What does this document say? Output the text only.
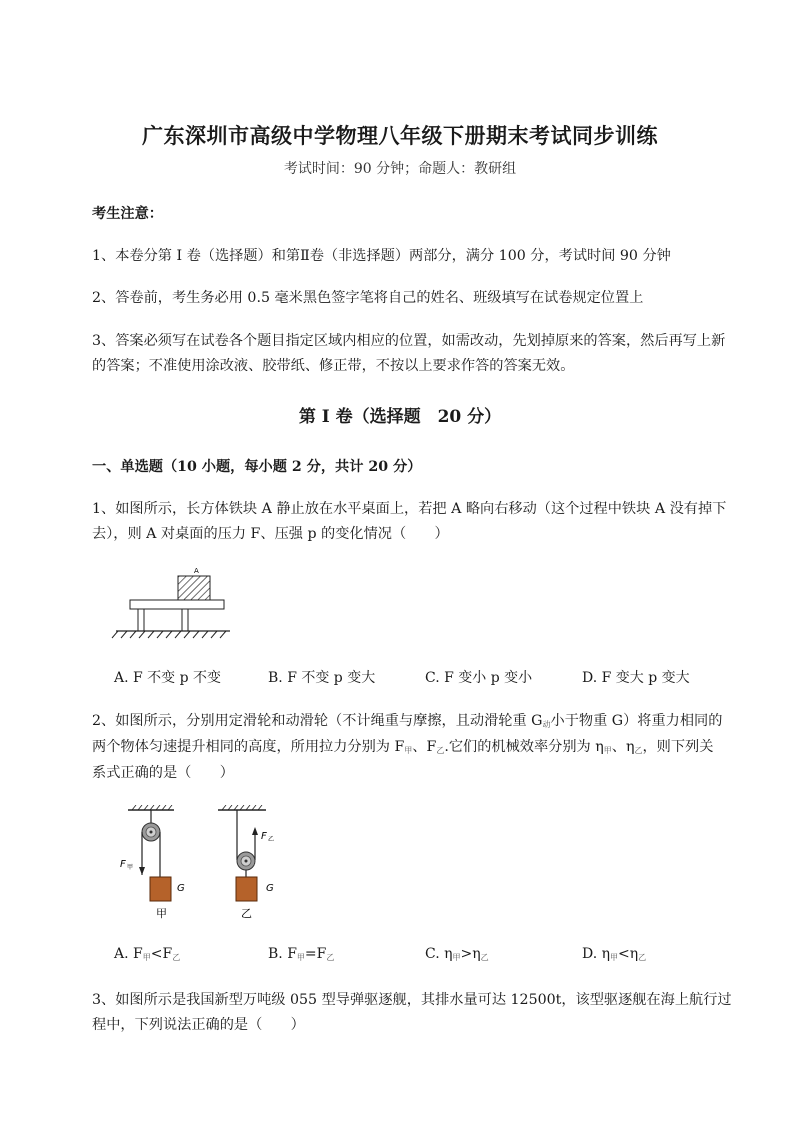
广东深圳市高级中学物理八年级下册期末考试同步训练
考试时间：90 分钟；命题人：教研组
考生注意：
1、本卷分第 I 卷（选择题）和第Ⅱ卷（非选择题）两部分，满分 100 分，考试时间 90 分钟
2、答卷前，考生务必用 0.5 毫米黑色签字笔将自己的姓名、班级填写在试卷规定位置上
3、答案必须写在试卷各个题目指定区域内相应的位置，如需改动，先划掉原来的答案，然后再写上新
的答案；不准使用涂改液、胶带纸、修正带，不按以上要求作答的答案无效。
第 I 卷（选择题　20 分）
一、单选题（10 小题，每小题 2 分，共计 20 分）
1、如图所示，长方体铁块 A 静止放在水平桌面上，若把 A 略向右移动（这个过程中铁块 A 没有掉下
去），则 A 对桌面的压力 F、压强 p 的变化情况（　　）
A
A. F 不变 p 不变	B. F 不变 p 变大	C. F 变小 p 变小	D. F 变大 p 变大
2、如图所示，分别用定滑轮和动滑轮（不计绳重与摩擦，且动滑轮重 $G_动$小于物重 G）将重力相同的
两个物体匀速提升相同的高度，所用拉力分别为 $F_甲$、$F_乙$.它们的机械效率分别为 $\eta_甲$、$\eta_乙$，则下列关
系式正确的是（　　）
F 甲
G
甲
F 乙
G
乙
A. $F_甲<F_乙$	B. $F_甲=F_乙$	C. $\eta_甲>\eta_乙$	D. $\eta_甲<\eta_乙$
3、如图所示是我国新型万吨级 055 型导弹驱逐舰，其排水量可达 12500t，该型驱逐舰在海上航行过
程中，下列说法正确的是（　　）
